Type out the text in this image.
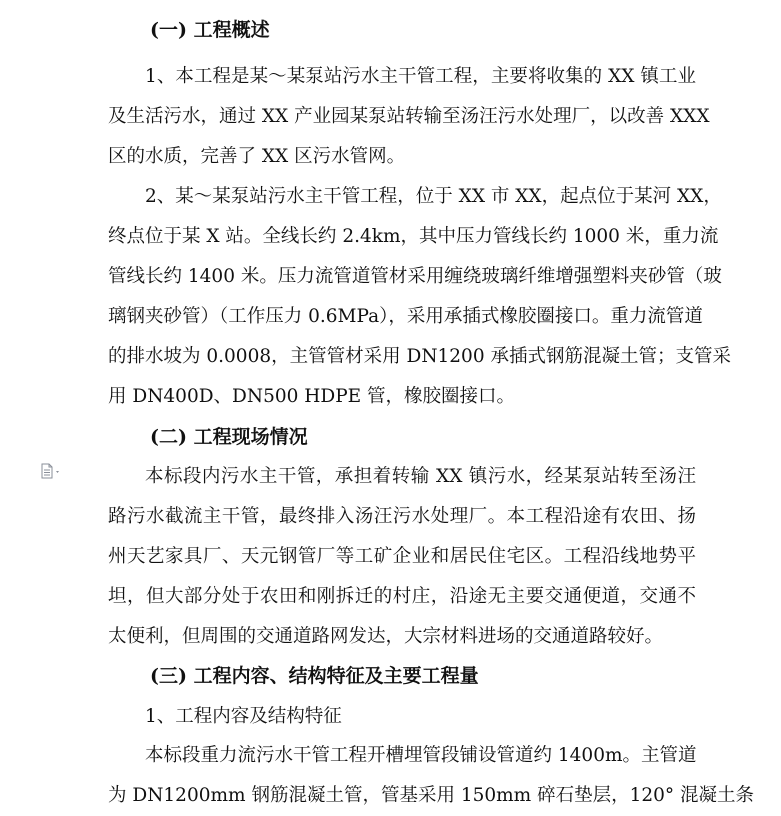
(一) 工程概述
1、本工程是某～某泵站污水主干管工程，主要将收集的 XX 镇工业
及生活污水，通过 XX 产业园某泵站转输至汤汪污水处理厂，以改善 XXX
区的水质，完善了 XX 区污水管网。
2、某～某泵站污水主干管工程，位于 XX 市 XX，起点位于某河 XX，
终点位于某 X 站。全线长约 2.4km，其中压力管线长约 1000 米，重力流
管线长约 1400 米。压力流管道管材采用缠绕玻璃纤维增强塑料夹砂管（玻
璃钢夹砂管）（工作压力 0.6MPa），采用承插式橡胶圈接口。重力流管道
的排水坡为 0.0008，主管管材采用 DN1200 承插式钢筋混凝土管；支管采
用 DN400D、DN500 HDPE 管，橡胶圈接口。
(二) 工程现场情况
本标段内污水主干管，承担着转输 XX 镇污水，经某泵站转至汤汪
路污水截流主干管，最终排入汤汪污水处理厂。本工程沿途有农田、扬
州天艺家具厂、天元钢管厂等工矿企业和居民住宅区。工程沿线地势平
坦，但大部分处于农田和刚拆迁的村庄，沿途无主要交通便道，交通不
太便利，但周围的交通道路网发达，大宗材料进场的交通道路较好。
(三) 工程内容、结构特征及主要工程量
1、工程内容及结构特征
本标段重力流污水干管工程开槽埋管段铺设管道约 1400m。主管道
为 DN1200mm 钢筋混凝土管，管基采用 150mm 碎石垫层，120° 混凝土条
